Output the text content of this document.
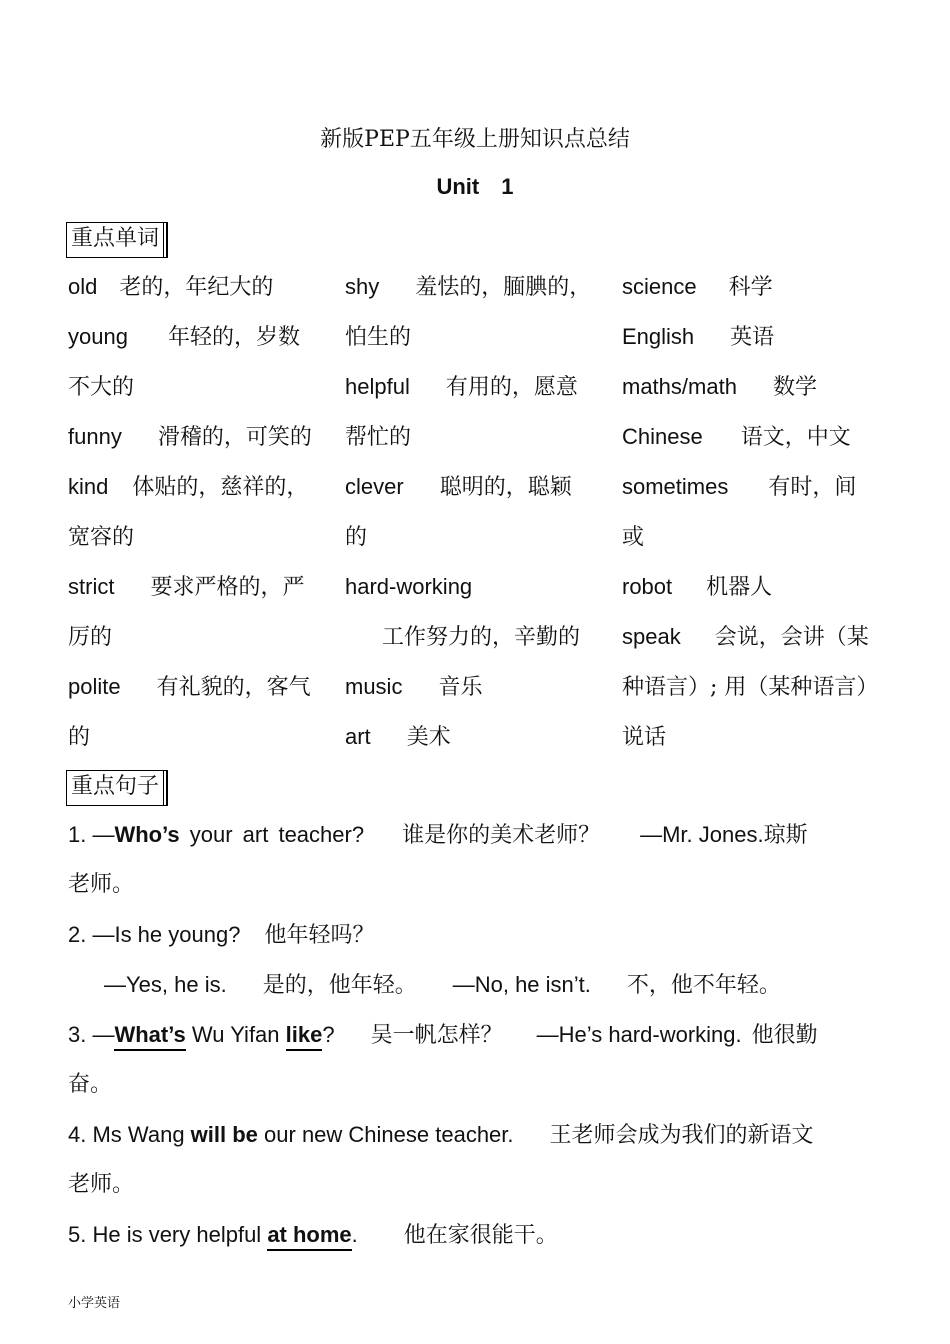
新版PEP五年级上册知识点总结
Unit 1
重点单词
old 老的，年纪大的
young 年轻的，岁数
不大的
funny 滑稽的，可笑的
kind 体贴的，慈祥的，
宽容的
strict 要求严格的，严
厉的
polite 有礼貌的，客气
的
shy 羞怯的，腼腆的，
怕生的
helpful 有用的，愿意
帮忙的
clever 聪明的，聪颖
的
hard-working
工作努力的，辛勤的
music 音乐
art 美术
science 科学
English 英语
maths/math 数学
Chinese 语文，中文
sometimes 有时，间
或
robot 机器人
speak 会说，会讲（某
种语言）; 用（某种语言）
说话
重点句子
1. —Who’s your art teacher? 谁是你的美术老师？ —Mr. Jones.琼斯
老师。
2. —Is he young? 他年轻吗？
—Yes, he is. 是的，他年轻。 —No, he isn’t. 不，他不年轻。
3. —What’s Wu Yifan like? 吴一帆怎样？ —He’s hard-working. 他很勤
奋。
4. Ms Wang will be our new Chinese teacher. 王老师会成为我们的新语文
老师。
5. He is very helpful at home. 他在家很能干。
小学英语
